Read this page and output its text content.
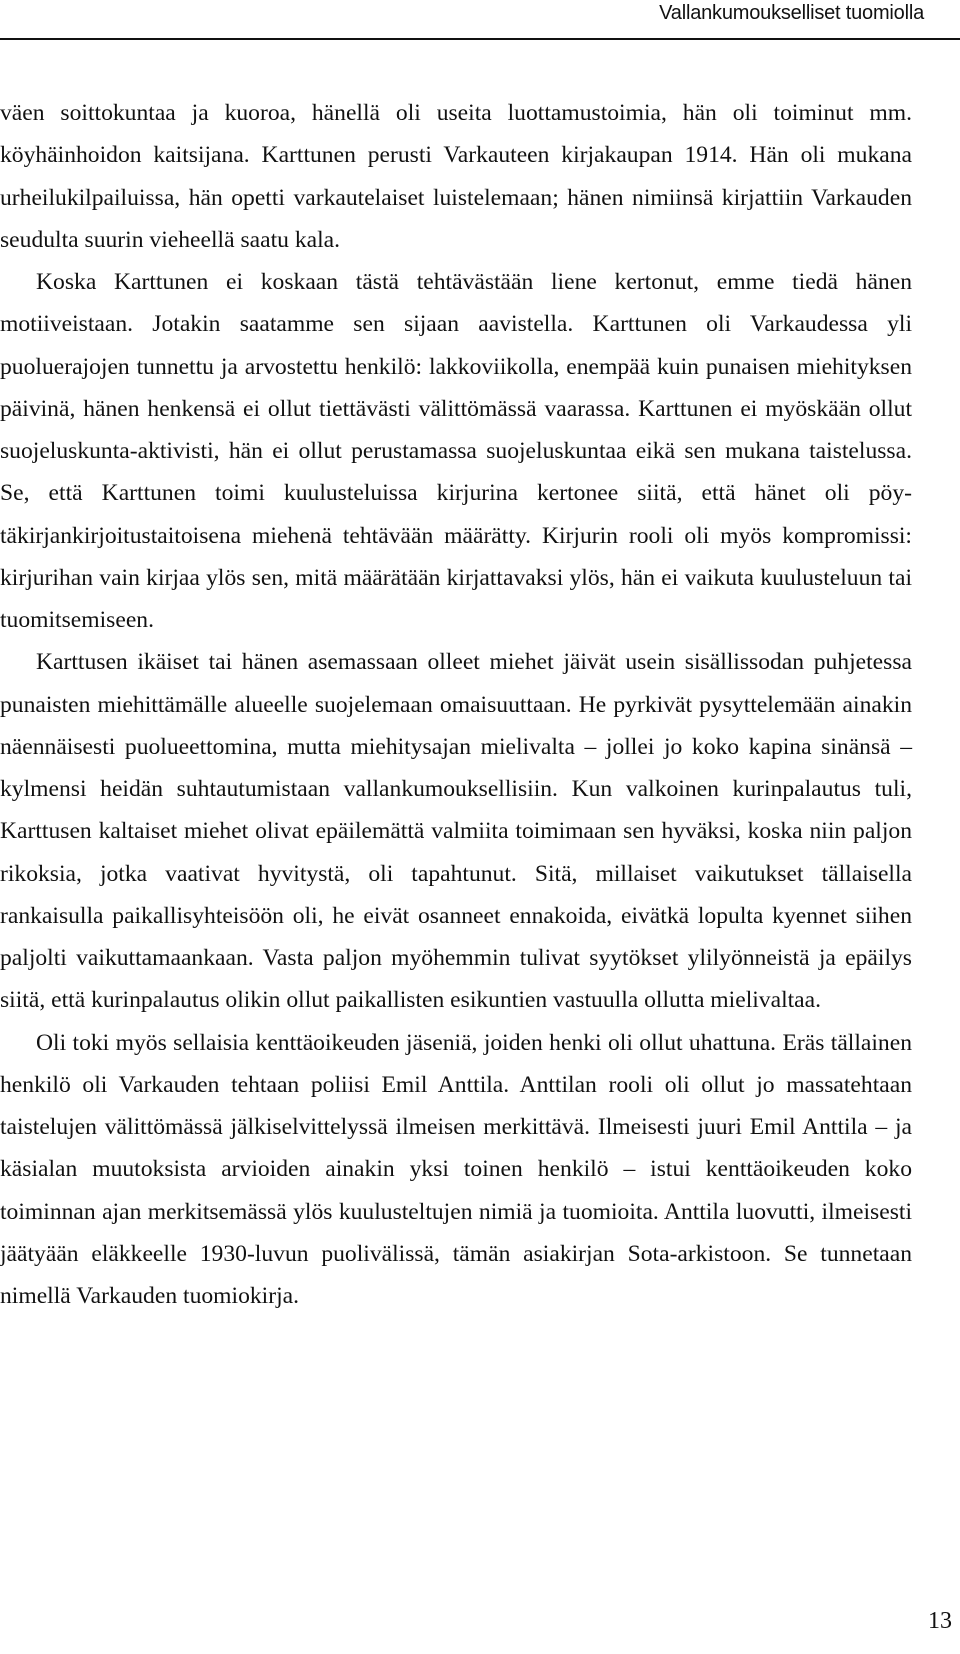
Vallankumoukselliset tuomiolla

väen soittokuntaa ja kuoroa, hänellä oli useita luottamustoimia, hän oli toiminut mm. köyhäinhoidon kaitsijana. Karttunen perusti Varkauteen kirjakaupan 1914. Hän oli mukana urheilukilpailuissa, hän opetti varkautelaiset luistelemaan; hänen nimiinsä kirjattiin Varkauden seudulta suurin vieheellä saatu kala.

Koska Karttunen ei koskaan tästä tehtävästään liene kertonut, emme tiedä hänen motiiveistaan. Jotakin saatamme sen sijaan aavistella. Karttunen oli Varkaudessa yli puoluerajojen tunnettu ja arvostettu henkilö: lakkoviikolla, enempää kuin punaisen miehityksen päivinä, hänen henkensä ei ollut tiettävästi välittömässä vaarassa. Karttunen ei myöskään ollut suojeluskunta-aktivisti, hän ei ollut perustamassa suojeluskuntaa eikä sen mukana taistelussa. Se, että Karttunen toimi kuulusteluissa kirjurina kertonee siitä, että hänet oli pöytäkirjankirjoitustaitoisena miehenä tehtävään määrätty. Kirjurin rooli oli myös kompromissi: kirjurihan vain kirjaa ylös sen, mitä määrätään kirjattavaksi ylös, hän ei vaikuta kuulusteluun tai tuomitsemiseen.

Karttusen ikäiset tai hänen asemassaan olleet miehet jäivät usein sisällissodan puhjetessa punaisten miehittämälle alueelle suojelemaan omaisuuttaan. He pyrkivät pysyttelemään ainakin näennäisesti puolueettomina, mutta miehitysajan mielivalta – jollei jo koko kapina sinänsä – kylmensi heidän suhtautumistaan vallankumouksellisiin. Kun valkoinen kurinpalautus tuli, Karttusen kaltaiset miehet olivat epäilemättä valmiita toimimaan sen hyväksi, koska niin paljon rikoksia, jotka vaativat hyvitystä, oli tapahtunut. Sitä, millaiset vaikutukset tällaisella rankaisulla paikallisyhteisöön oli, he eivät osanneet ennakoida, eivätkä lopulta kyennet siihen paljolti vaikuttamaankaan. Vasta paljon myöhemmin tulivat syytökset ylilyönneistä ja epäilys siitä, että kurinpalautus olikin ollut paikallisten esikuntien vastuulla ollutta mielivaltaa.

Oli toki myös sellaisia kenttäoikeuden jäseniä, joiden henki oli ollut uhattuna. Eräs tällainen henkilö oli Varkauden tehtaan poliisi Emil Anttila. Anttilan rooli oli ollut jo massatehtaan taistelujen välittömässä jälkiselvittelyssä ilmeisen merkittävä. Ilmeisesti juuri Emil Anttila – ja käsialan muutoksista arvioiden ainakin yksi toinen henkilö – istui kenttäoikeuden koko toiminnan ajan merkitsemässä ylös kuulusteltujen nimiä ja tuomioita. Anttila luovutti, ilmeisesti jäätyään eläkkeelle 1930-luvun puolivälissä, tämän asiakirjan Sota-arkistoon. Se tunnetaan nimellä Varkauden tuomiokirja.

13
